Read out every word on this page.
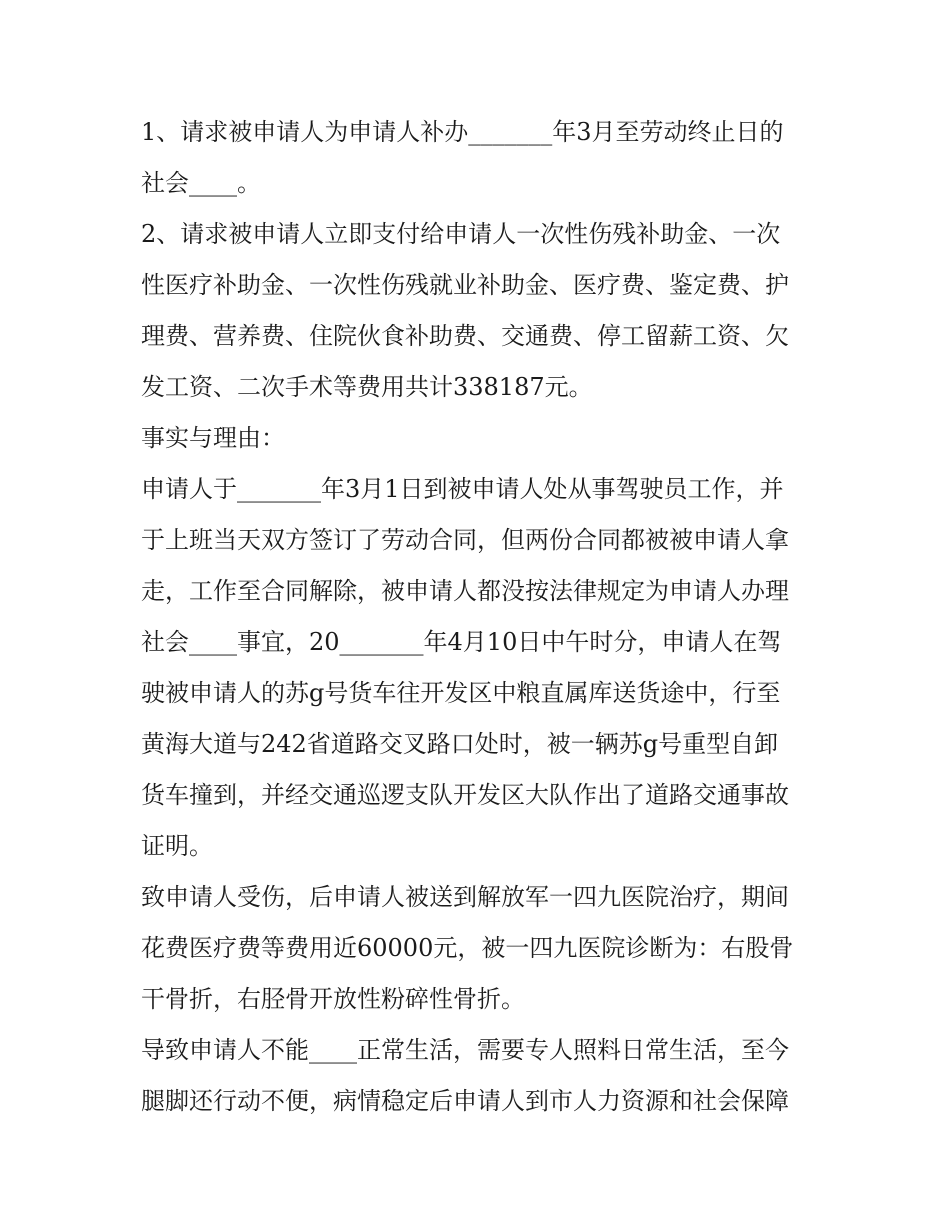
1、请求被申请人为申请人补办_______年3月至劳动终止日的
社会____。
2、请求被申请人立即支付给申请人一次性伤残补助金、一次
性医疗补助金、一次性伤残就业补助金、医疗费、鉴定费、护
理费、营养费、住院伙食补助费、交通费、停工留薪工资、欠
发工资、二次手术等费用共计338187元。
事实与理由：
申请人于_______年3月1日到被申请人处从事驾驶员工作，并
于上班当天双方签订了劳动合同，但两份合同都被被申请人拿
走，工作至合同解除，被申请人都没按法律规定为申请人办理
社会____事宜，20_______年4月10日中午时分，申请人在驾
驶被申请人的苏g号货车往开发区中粮直属库送货途中，行至
黄海大道与242省道路交叉路口处时，被一辆苏g号重型自卸
货车撞到，并经交通巡逻支队开发区大队作出了道路交通事故
证明。
致申请人受伤，后申请人被送到解放军一四九医院治疗，期间
花费医疗费等费用近60000元，被一四九医院诊断为：右股骨
干骨折，右胫骨开放性粉碎性骨折。
导致申请人不能____正常生活，需要专人照料日常生活，至今
腿脚还行动不便，病情稳定后申请人到市人力资源和社会保障
